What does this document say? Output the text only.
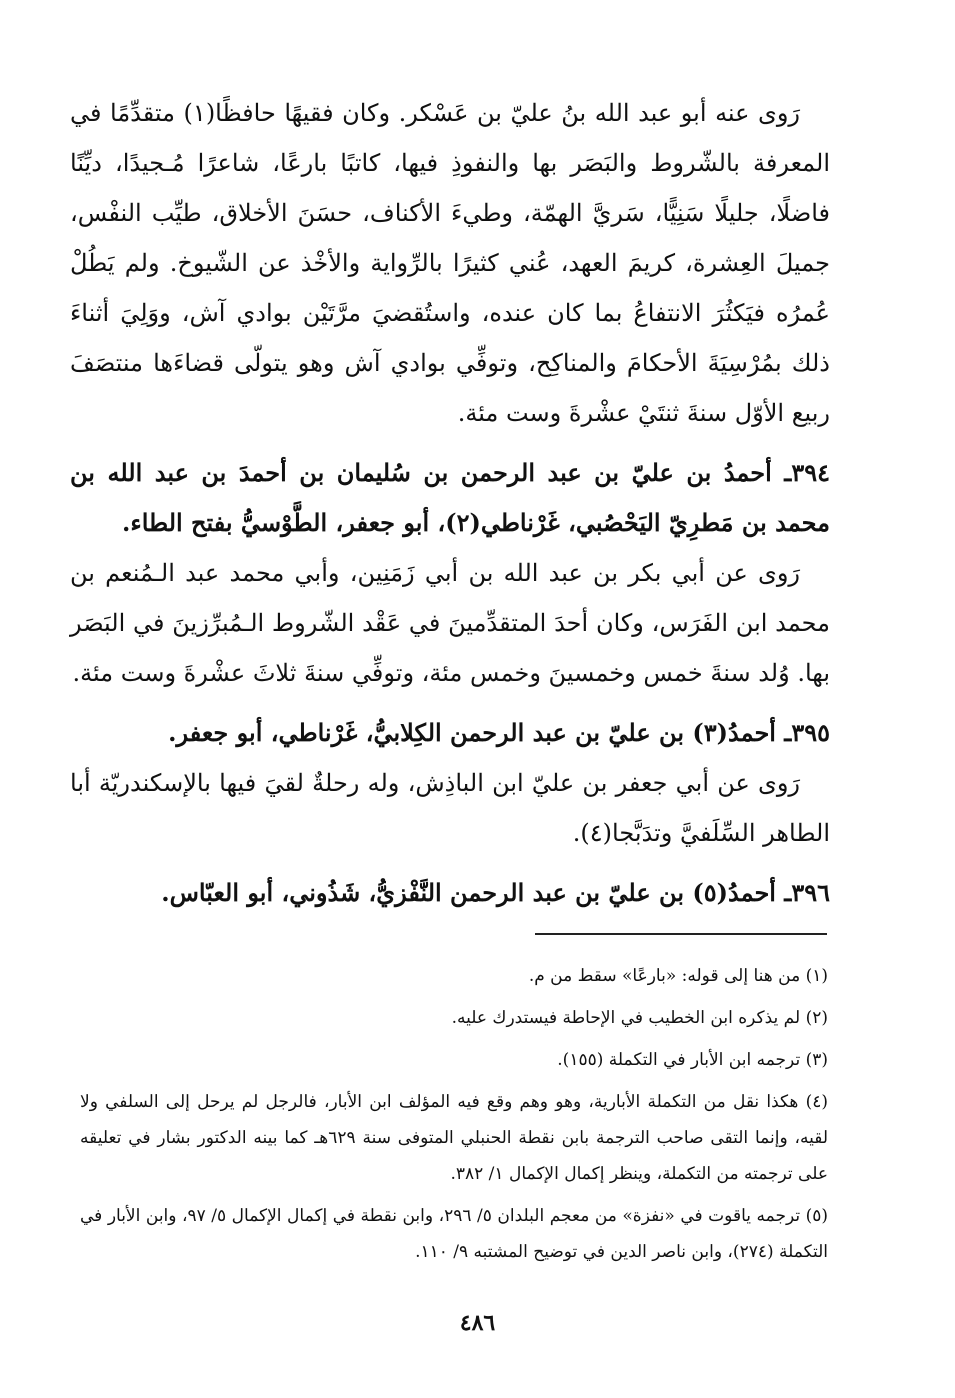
رَوى عنه أبو عبد الله بنُ عليّ بن عَسْكر. وكان فقيهًا حافظًا(١) متقدِّمًا في المعرفة بالشّروط والبَصَر بها والنفوذِ فيها، كاتبًا بارعًا، شاعرًا مُـجيدًا، ديِّنًا فاضلًا، جليلًا سَنِيًّا، سَريَّ الهمّة، وطيءَ الأكناف، حسَنَ الأخلاق، طيِّب النفْس، جميلَ العِشرة، كريمَ العهد، عُني كثيرًا بالرِّواية والأخْذ عن الشّيوخ. ولم يَطُلْ عُمرُه فيَكثُرَ الانتفاعُ بما كان عنده، واستُقضيَ مرَّتَيْن بوادي آش، ووَلِيَ أثناءَ ذلك بمُرْسِيَةَ الأحكامَ والمناكِح، وتوفِّي بوادي آش وهو يتولّى قضاءَها منتصَفَ ربيع الأوّل سنةَ ثنتَيْ عشْرةَ وست مئة.

٣٩٤ـ أحمدُ بن عليّ بن عبد الرحمن بن سُليمان بن أحمدَ بن عبد الله بن محمد بن مَطرِيّ اليَحْصُبي، غَرْناطي(٢)، أبو جعفر، الطَّوْسيُّ بفتح الطاء.

رَوى عن أبي بكر بن عبد الله بن أبي زَمَنِين، وأبي محمد عبد الـمُنعم بن محمد ابن الفَرَس، وكان أحدَ المتقدِّمينَ في عَقْد الشّروط الـمُبرِّزينَ في البَصَر بها. وُلد سنةَ خمس وخمسينَ وخمس مئة، وتوفِّي سنةَ ثلاثَ عشْرةَ وست مئة.

٣٩٥ـ أحمدُ(٣) بن عليّ بن عبد الرحمن الكِلابيُّ، غَرْناطي، أبو جعفر.

رَوى عن أبي جعفر بن عليّ ابن الباذِش، وله رحلةٌ لقيَ فيها بالإسكندريّة أبا الطاهر السِّلَفيَّ وتدَبَّجا(٤).

٣٩٦ـ أحمدُ(٥) بن عليّ بن عبد الرحمن النَّفْزيُّ، شَذُوني، أبو العبّاس.

(١) من هنا إلى قوله: «بارعًا» سقط من م.

(٢) لم يذكره ابن الخطيب في الإحاطة فيستدرك عليه.

(٣) ترجمه ابن الأبار في التكملة (١٥٥).

(٤) هكذا نقل من التكملة الأبارية، وهو وهم وقع فيه المؤلف ابن الأبار، فالرجل لم يرحل إلى السلفي ولا لقيه، وإنما التقى صاحب الترجمة بابن نقطة الحنبلي المتوفى سنة ٦٢٩هـ كما بينه الدكتور بشار في تعليقه على ترجمته من التكملة، وينظر إكمال الإكمال ١/ ٣٨٢.

(٥) ترجمه ياقوت في «نفزة» من معجم البلدان ٥/ ٢٩٦، وابن نقطة في إكمال الإكمال ٥/ ٩٧، وابن الأبار في التكملة (٢٧٤)، وابن ناصر الدين في توضيح المشتبه ٩/ ١١٠.

٤٨٦
